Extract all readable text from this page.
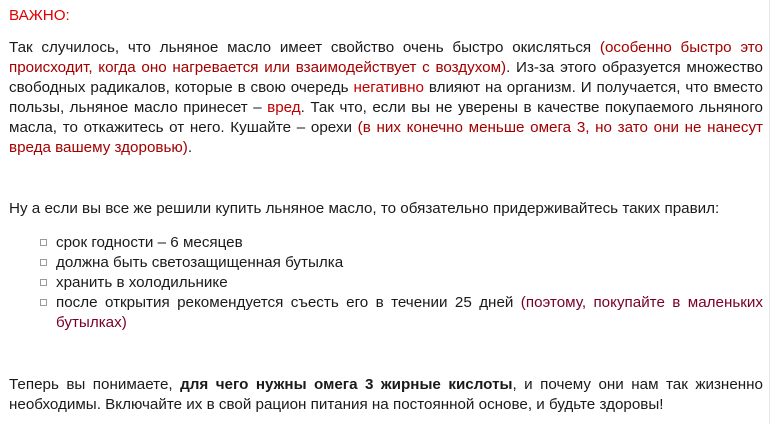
ВАЖНО:

Так случилось, что льняное масло имеет свойство очень быстро окисляться (особенно быстро это происходит, когда оно нагревается или взаимодействует с воздухом). Из-за этого образуется множество свободных радикалов, которые в свою очередь негативно влияют на организм. И получается, что вместо пользы, льняное масло принесет – вред. Так что, если вы не уверены в качестве покупаемого льняного масла, то откажитесь от него. Кушайте – орехи (в них конечно меньше омега 3, но зато они не нанесут вреда вашему здоровью).

Ну а если вы все же решили купить льняное масло, то обязательно придерживайтесь таких правил:

срок годности – 6 месяцев
должна быть светозащищенная бутылка
хранить в холодильнике
после открытия рекомендуется съесть его в течении 25 дней (поэтому, покупайте в маленьких бутылках)

Теперь вы понимаете, для чего нужны омега 3 жирные кислоты, и почему они нам так жизненно необходимы. Включайте их в свой рацион питания на постоянной основе, и будьте здоровы!
